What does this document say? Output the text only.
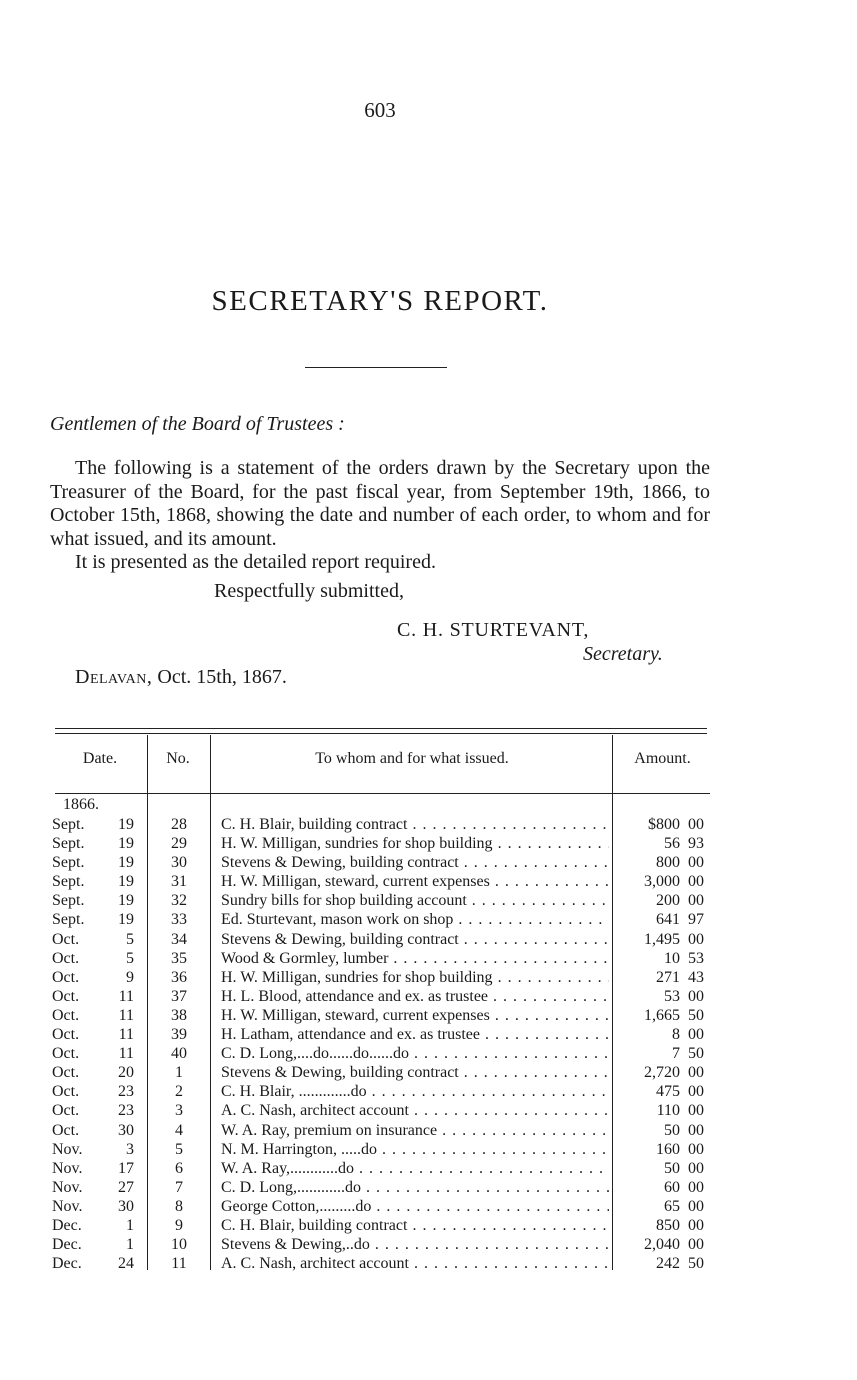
603
SECRETARY'S REPORT.
Gentlemen of the Board of Trustees :

The following is a statement of the orders drawn by the Secretary upon the Treasurer of the Board, for the past fiscal year, from September 19th, 1866, to October 15th, 1868, showing the date and number of each order, to whom and for what issued, and its amount.

It is presented as the detailed report required.

Respectfully submitted,
C. H. STURTEVANT,
Secretary.
Delavan, Oct. 15th, 1867.
Date.	No.	To whom and for what issued.	Amount.
1866.
Sept.	19	28	C. H. Blair, building contract . . .	$800 00
Sept.	19	29	H. W. Milligan, sundries for shop building . . .	56 93
Sept.	19	30	Stevens & Dewing, building contract . . .	800 00
Sept.	19	31	H. W. Milligan, steward, current expenses . . .	3,000 00
Sept.	19	32	Sundry bills for shop building account . . .	200 00
Sept.	19	33	Ed. Sturtevant, mason work on shop . . .	641 97
Oct.	5	34	Stevens & Dewing, building contract . . .	1,495 00
Oct.	5	35	Wood & Gormley, lumber . . .	10 53
Oct.	9	36	H. W. Milligan, sundries for shop building . . .	271 43
Oct.	11	37	H. L. Blood, attendance and ex. as trustee . . .	53 00
Oct.	11	38	H. W. Milligan, steward, current expenses . . .	1,665 50
Oct.	11	39	H. Latham, attendance and ex. as trustee . . .	8 00
Oct.	11	40	C. D. Long,....do......do......do . . .	7 50
Oct.	20	1	Stevens & Dewing, building contract . . .	2,720 00
Oct.	23	2	C. H. Blair, .............do . . .	475 00
Oct.	23	3	A. C. Nash, architect account . . .	110 00
Oct.	30	4	W. A. Ray, premium on insurance . . .	50 00
Nov.	3	5	N. M. Harrington, .....do . . .	160 00
Nov.	17	6	W. A. Ray,............do . . .	50 00
Nov.	27	7	C. D. Long,............do . . .	60 00
Nov.	30	8	George Cotton,.........do . . .	65 00
Dec.	1	9	C. H. Blair, building contract . . .	850 00
Dec.	1	10	Stevens & Dewing,..do . . .	2,040 00
Dec.	24	11	A. C. Nash, architect account . . .	242 50
